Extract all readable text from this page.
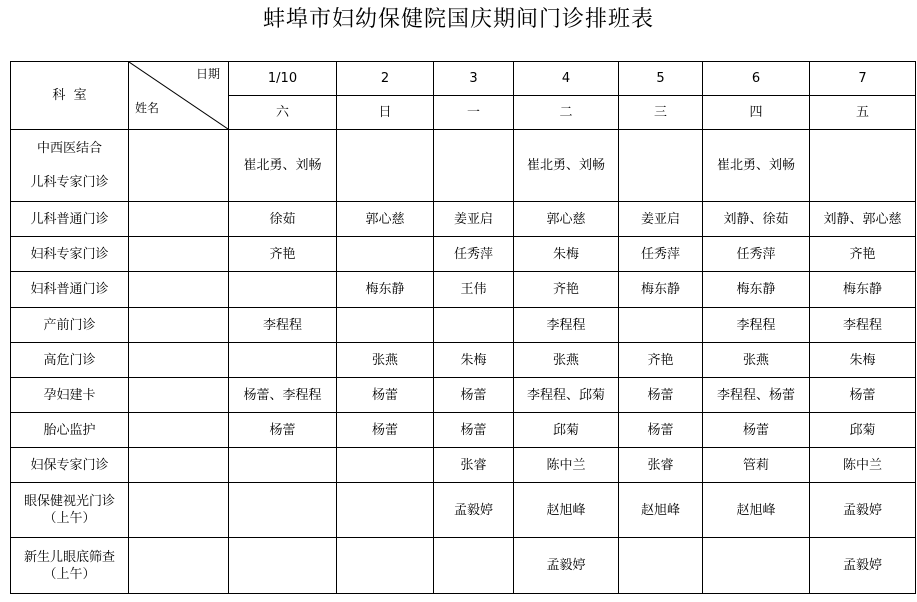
蚌埠市妇幼保健院国庆期间门诊排班表
科  室	日期
姓名	1/10	2	3	4	5	6	7
		六	日	一	二	三	四	五
中西医结合

儿科专家门诊		崔北勇、刘畅			崔北勇、刘畅		崔北勇、刘畅	
儿科普通门诊		徐茹	郭心慈	姜亚启	郭心慈	姜亚启	刘静、徐茹	刘静、郭心慈
妇科专家门诊		齐艳		任秀萍	朱梅	任秀萍	任秀萍	齐艳
妇科普通门诊			梅东静	王伟	齐艳	梅东静	梅东静	梅东静
产前门诊		李程程			李程程		李程程	李程程
高危门诊			张燕	朱梅	张燕	齐艳	张燕	朱梅
孕妇建卡		杨蕾、李程程	杨蕾	杨蕾	李程程、邱菊	杨蕾	李程程、杨蕾	杨蕾
胎心监护		杨蕾	杨蕾	杨蕾	邱菊	杨蕾	杨蕾	邱菊
妇保专家门诊				张睿	陈中兰	张睿	管莉	陈中兰
眼保健视光门诊
（上午）				孟毅婷	赵旭峰	赵旭峰	赵旭峰	孟毅婷
新生儿眼底筛查
（上午）					孟毅婷			孟毅婷
